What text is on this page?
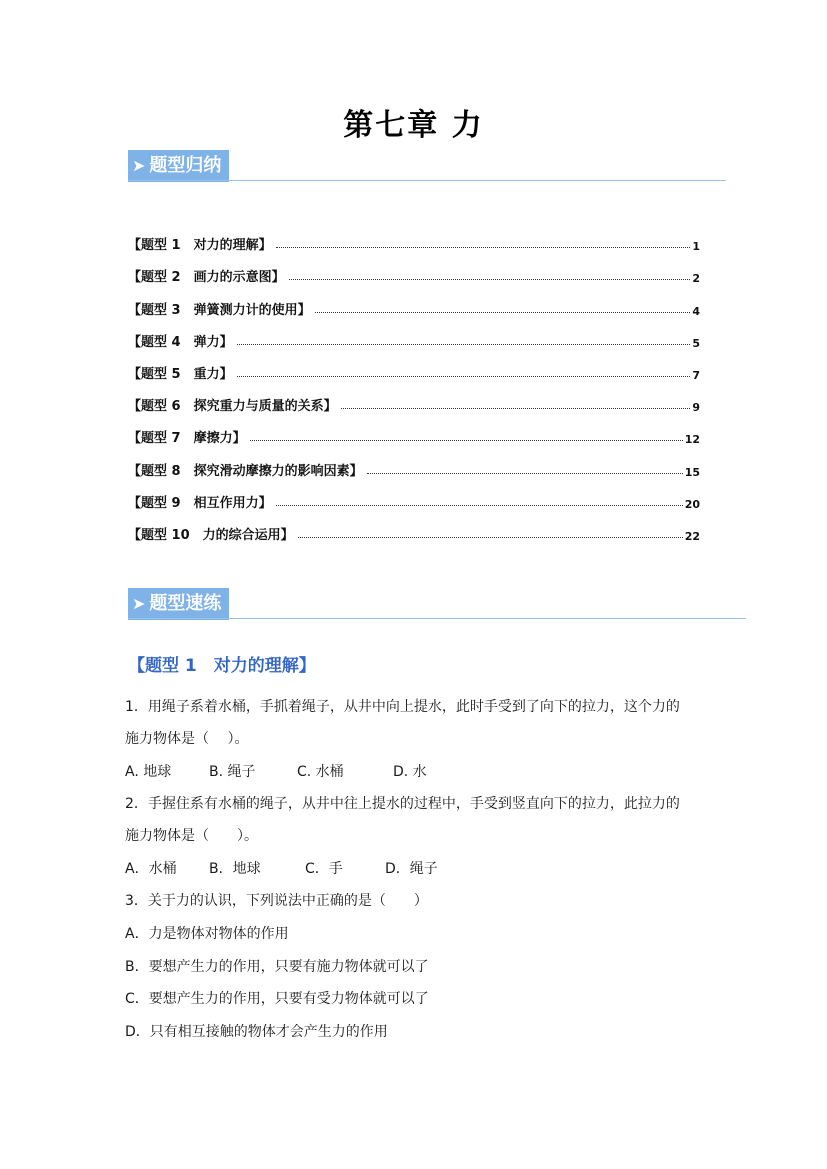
第七章 力
➤ 题型归纳
【题型 1　对力的理解】	1
【题型 2　画力的示意图】	2
【题型 3　弹簧测力计的使用】	4
【题型 4　弹力】	5
【题型 5　重力】	7
【题型 6　探究重力与质量的关系】	9
【题型 7　摩擦力】	12
【题型 8　探究滑动摩擦力的影响因素】	15
【题型 9　相互作用力】	20
【题型 10　力的综合运用】	22
➤ 题型速练
【题型 1　对力的理解】
1．用绳子系着水桶，手抓着绳子，从井中向上提水，此时手受到了向下的拉力，这个力的
施力物体是（　 ）。
A. 地球	B. 绳子	C. 水桶	D. 水
2．手握住系有水桶的绳子，从井中往上提水的过程中，手受到竖直向下的拉力，此拉力的
施力物体是（　　）。
A．水桶 B．地球	C．手	D．绳子
3．关于力的认识，下列说法中正确的是（　　）
A．力是物体对物体的作用
B．要想产生力的作用，只要有施力物体就可以了
C．要想产生力的作用，只要有受力物体就可以了
D．只有相互接触的物体才会产生力的作用
